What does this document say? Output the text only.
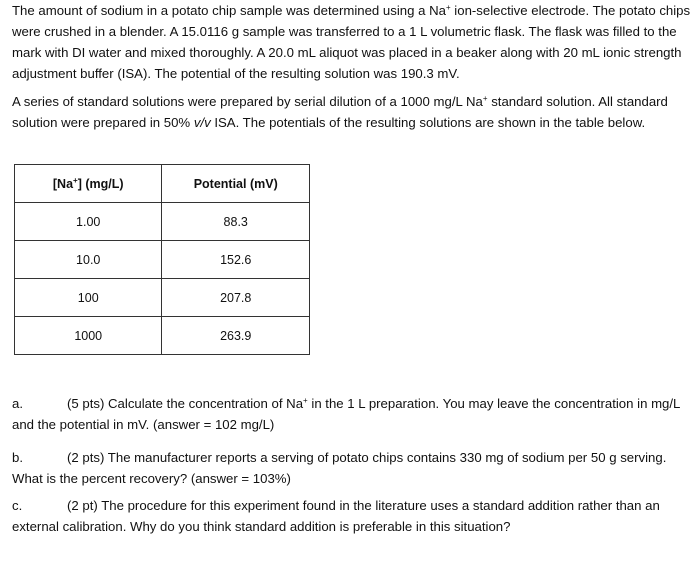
The amount of sodium in a potato chip sample was determined using a Na+ ion-selective electrode. The potato chips were crushed in a blender. A 15.0116 g sample was transferred to a 1 L volumetric flask. The flask was filled to the mark with DI water and mixed thoroughly. A 20.0 mL aliquot was placed in a beaker along with 20 mL ionic strength adjustment buffer (ISA). The potential of the resulting solution was 190.3 mV.

A series of standard solutions were prepared by serial dilution of a 1000 mg/L Na+ standard solution. All standard solution were prepared in 50% v/v ISA. The potentials of the resulting solutions are shown in the table below.

[Na+] (mg/L)	Potential (mV)
1.00	88.3
10.0	152.6
100	207.8
1000	263.9

a.	(5 pts) Calculate the concentration of Na+ in the 1 L preparation. You may leave the concentration in mg/L and the potential in mV. (answer = 102 mg/L)

b.	(2 pts) The manufacturer reports a serving of potato chips contains 330 mg of sodium per 50 g serving. What is the percent recovery? (answer = 103%)

c.	(2 pt) The procedure for this experiment found in the literature uses a standard addition rather than an external calibration. Why do you think standard addition is preferable in this situation?
